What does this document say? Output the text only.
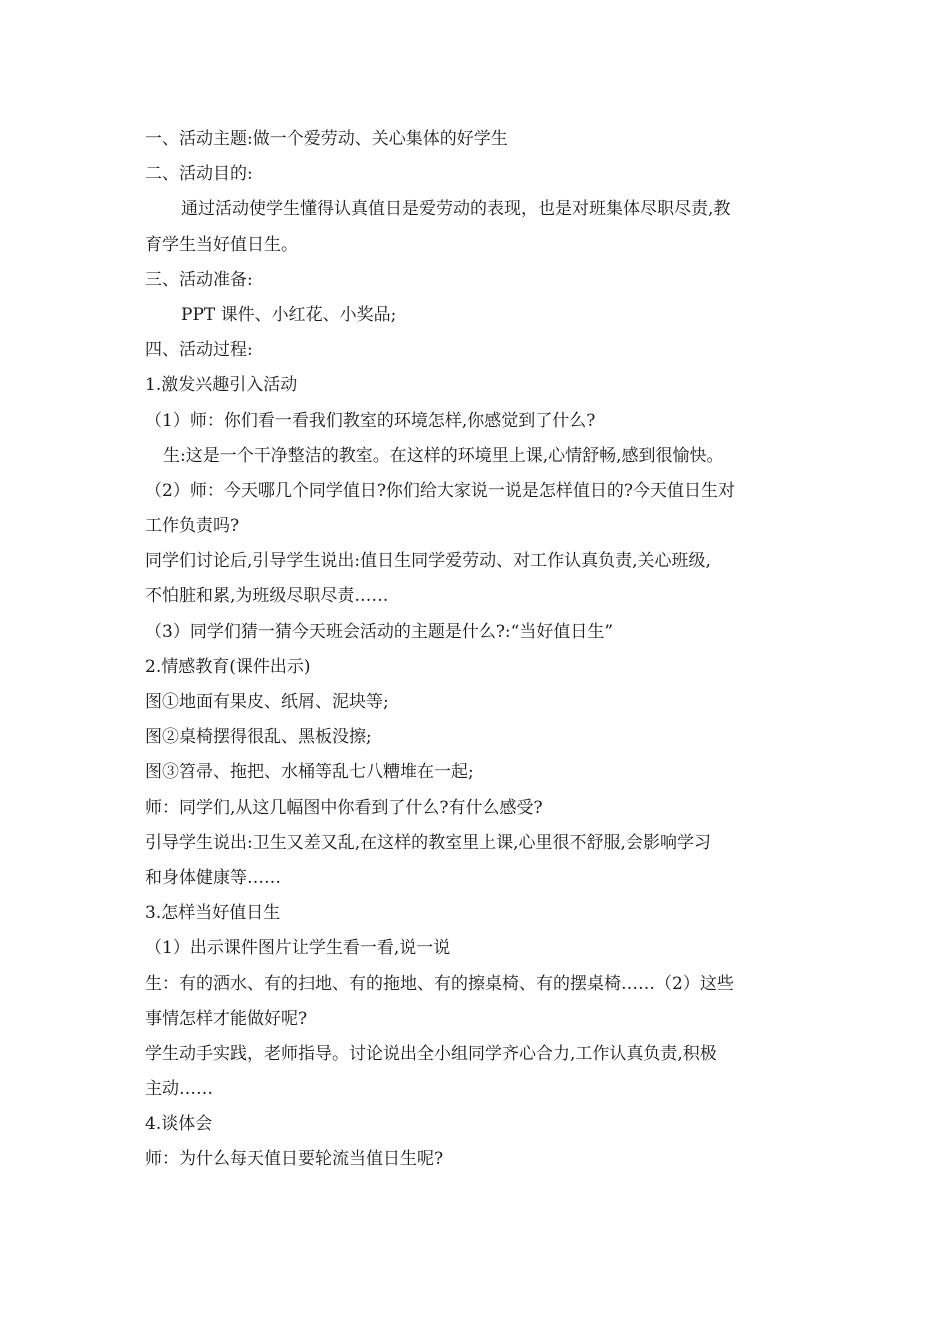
一、活动主题:做一个爱劳动、关心集体的好学生
二、活动目的:
通过活动使学生懂得认真值日是爱劳动的表现，也是对班集体尽职尽责,教
育学生当好值日生。
三、活动准备:
PPT 课件、小红花、小奖品;
四、活动过程:
1.激发兴趣引入活动
（1）师：你们看一看我们教室的环境怎样,你感觉到了什么?
生:这是一个干净整洁的教室。在这样的环境里上课,心情舒畅,感到很愉快。
（2）师：今天哪几个同学值日?你们给大家说一说是怎样值日的?今天值日生对
工作负责吗?
同学们讨论后,引导学生说出:值日生同学爱劳动、对工作认真负责,关心班级,
不怕脏和累,为班级尽职尽责……
（3）同学们猜一猜今天班会活动的主题是什么?:“当好值日生”
2.情感教育(课件出示)
图①地面有果皮、纸屑、泥块等;
图②桌椅摆得很乱、黑板没擦;
图③笤帚、拖把、水桶等乱七八糟堆在一起;
师：同学们,从这几幅图中你看到了什么?有什么感受?
引导学生说出:卫生又差又乱,在这样的教室里上课,心里很不舒服,会影响学习
和身体健康等……
3.怎样当好值日生
（1）出示课件图片让学生看一看,说一说
生：有的洒水、有的扫地、有的拖地、有的擦桌椅、有的摆桌椅……（2）这些
事情怎样才能做好呢?
学生动手实践，老师指导。讨论说出全小组同学齐心合力,工作认真负责,积极
主动……
4.谈体会
师：为什么每天值日要轮流当值日生呢?
